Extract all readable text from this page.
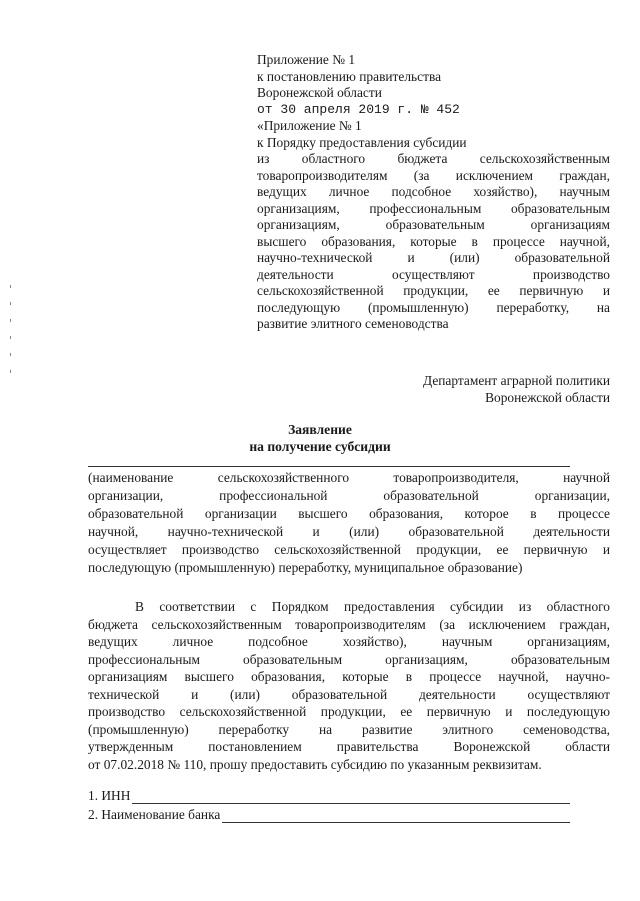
Приложение № 1
к постановлению правительства
Воронежской области
от 30 апреля 2019 г. № 452
«Приложение № 1
к Порядку предоставления субсидии
из областного бюджета сельскохозяйственным
товаропроизводителям (за исключением граждан,
ведущих личное подсобное хозяйство), научным
организациям, профессиональным образовательным
организациям, образовательным организациям
высшего образования, которые в процессе научной,
научно-технической и (или) образовательной
деятельности осуществляют производство
сельскохозяйственной продукции, ее первичную и
последующую (промышленную) переработку, на
развитие элитного семеноводства
Департамент аграрной политики
Воронежской области
Заявление
на получение субсидии
(наименование сельскохозяйственного товаропроизводителя, научной
организации, профессиональной образовательной организации,
образовательной организации высшего образования, которое в процессе
научной, научно-технической и (или) образовательной деятельности
осуществляет производство сельскохозяйственной продукции, ее первичную и
последующую (промышленную) переработку, муниципальное образование)
В соответствии с Порядком предоставления субсидии из областного
бюджета сельскохозяйственным товаропроизводителям (за исключением граждан,
ведущих личное подсобное хозяйство), научным организациям,
профессиональным образовательным организациям, образовательным
организациям высшего образования, которые в процессе научной, научно-
технической и (или) образовательной деятельности осуществляют
производство сельскохозяйственной продукции, ее первичную и последующую
(промышленную) переработку на развитие элитного семеноводства,
утвержденным постановлением правительства Воронежской области
от 07.02.2018 № 110, прошу предоставить субсидию по указанным реквизитам.
1. ИНН
2. Наименование банка
